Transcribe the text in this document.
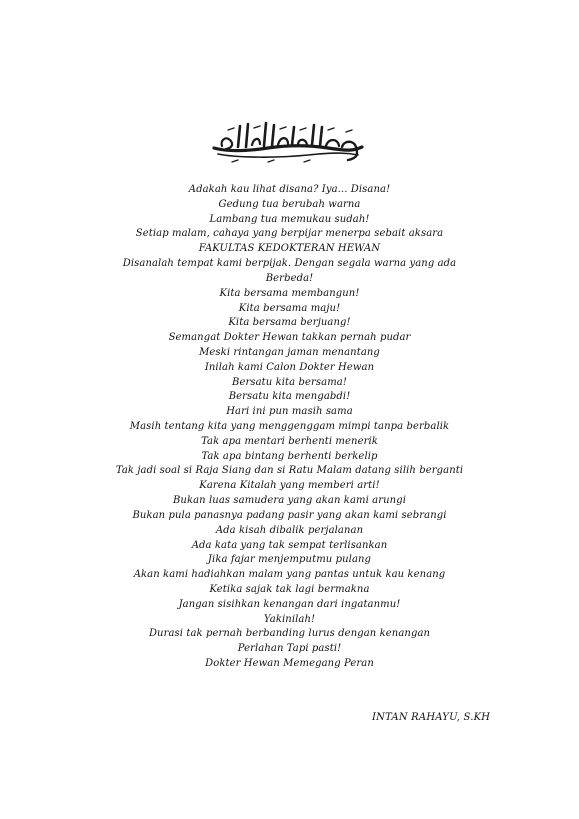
Adakah kau lihat disana? Iya... Disana!
Gedung tua berubah warna
Lambang tua memukau sudah!
Setiap malam, cahaya yang berpijar menerpa sebait aksara
FAKULTAS KEDOKTERAN HEWAN
Disanalah tempat kami berpijak. Dengan segala warna yang ada
Berbeda!
Kita bersama membangun!
Kita bersama maju!
Kita bersama berjuang!
Semangat Dokter Hewan takkan pernah pudar
Meski rintangan jaman menantang
Inilah kami Calon Dokter Hewan
Bersatu kita bersama!
Bersatu kita mengabdi!
Hari ini pun masih sama
Masih tentang kita yang menggenggam mimpi tanpa berbalik
Tak apa mentari berhenti menerik
Tak apa bintang berhenti berkelip
Tak jadi soal si Raja Siang dan si Ratu Malam datang silih berganti
Karena Kitalah yang memberi arti!
Bukan luas samudera yang akan kami arungi
Bukan pula panasnya padang pasir yang akan kami sebrangi
Ada kisah dibalik perjalanan
Ada kata yang tak sempat terlisankan
Jika fajar menjemputmu pulang
Akan kami hadiahkan malam yang pantas untuk kau kenang
Ketika sajak tak lagi bermakna
Jangan sisihkan kenangan dari ingatanmu!
Yakinilah!
Durasi tak pernah berbanding lurus dengan kenangan
Perlahan Tapi pasti!
Dokter Hewan Memegang Peran
INTAN RAHAYU, S.KH
